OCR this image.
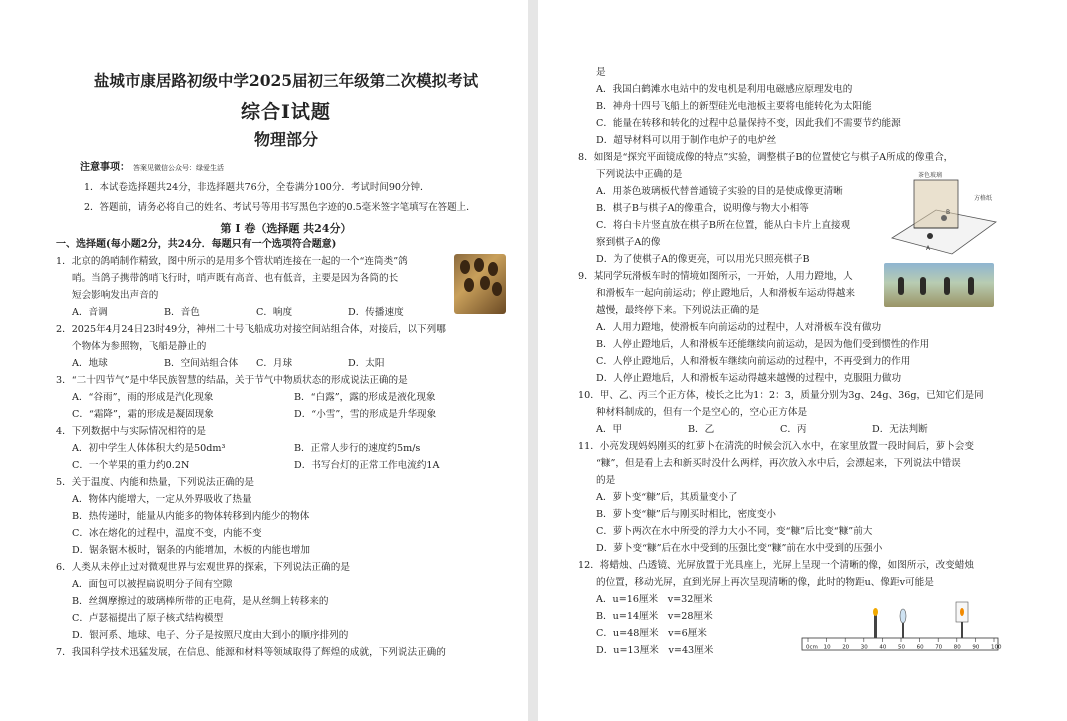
盐城市康居路初级中学2025届初三年级第二次模拟考试
综合Ⅰ试题
物理部分
注意事项： 答案见微信公众号：绿爱生活
1．本试卷选择题共24分，非选择题共76分，全卷满分100分．考试时间90分钟．
2．答题前，请务必将自己的姓名、考试号等用书写黑色字迹的0.5毫米签字笔填写在答题上．
第 Ⅰ 卷（选择题 共24分）
一、选择题(每小题2分，共24分．每题只有一个选项符合题意)
1．北京的鸽哨制作精致，图中所示的是用多个管状哨连接在一起的一个“连筒类”鸽
哨。当鸽子携带鸽哨飞行时，哨声既有高音、也有低音，主要是因为各筒的长
短会影响发出声音的
A．音调	B．音色	C．响度	D．传播速度
2．2025年4月24日23时49分，神州二十号飞船成功对接空间站组合体，对接后，以下列哪
个物体为参照物，飞船是静止的
A．地球	B．空间站组合体	C．月球	D．太阳
3．“二十四节气”是中华民族智慧的结晶，关于节气中物质状态的形成说法正确的是
A．“谷雨”，雨的形成是汽化现象	B．“白露”，露的形成是液化现象
C．“霜降”，霜的形成是凝固现象	D．“小雪”，雪的形成是升华现象
4．下列数据中与实际情况相符的是
A．初中学生人体体积大约是50dm³	B．正常人步行的速度约5m/s
C．一个苹果的重力约0.2N	D．书写台灯的正常工作电流约1A
5．关于温度、内能和热量，下列说法正确的是
A．物体内能增大，一定从外界吸收了热量
B．热传递时，能量从内能多的物体转移到内能少的物体
C．冰在熔化的过程中，温度不变，内能不变
D．锯条锯木板时，锯条的内能增加，木板的内能也增加
6．人类从未停止过对微观世界与宏观世界的探索，下列说法正确的是
A．面包可以被捏扁说明分子间有空隙
B．丝绸摩擦过的玻璃棒所带的正电荷，是从丝绸上转移来的
C．卢瑟福提出了原子核式结构模型
D．银河系、地球、电子、分子是按照尺度由大到小的顺序排列的
7．我国科学技术迅猛发展，在信息、能源和材料等领域取得了辉煌的成就，下列说法正确的
是
A．我国白鹤滩水电站中的发电机是利用电磁感应原理发电的
B．神舟十四号飞船上的新型硅光电池板主要将电能转化为太阳能
C．能量在转移和转化的过程中总量保持不变，因此我们不需要节约能源
D．超导材料可以用于制作电炉子的电炉丝
8．如图是“探究平面镜成像的特点”实验，调整棋子B的位置使它与棋子A所成的像重合，
下列说法中正确的是
A．用茶色玻璃板代替普通镜子实验的目的是使成像更清晰
B．棋子B与棋子A的像重合，说明像与物大小相等
C．将白卡片竖直放在棋子B所在位置，能从白卡片上直接观
察到棋子A的像
D．为了使棋子A的像更亮，可以用光只照亮棋子B
9．某同学玩滑板车时的情境如图所示，一开始，人用力蹬地，人
和滑板车一起向前运动；停止蹬地后，人和滑板车运动得越来
越慢，最终停下来。下列说法正确的是
A．人用力蹬地，使滑板车向前运动的过程中，人对滑板车没有做功
B．人停止蹬地后，人和滑板车还能继续向前运动，是因为他们受到惯性的作用
C．人停止蹬地后，人和滑板车继续向前运动的过程中，不再受到力的作用
D．人停止蹬地后，人和滑板车运动得越来越慢的过程中，克服阻力做功
10．甲、乙、丙三个正方体，棱长之比为1：2：3，质量分别为3g、24g、36g，已知它们是同
种材料制成的，但有一个是空心的，空心正方体是
A．甲	B．乙	C．丙	D．无法判断
11．小亮发现妈妈刚买的红萝卜在清洗的时候会沉入水中，在家里放置一段时间后，萝卜会变
“糠”，但是看上去和新买时没什么两样，再次放入水中后，会漂起来，下列说法中错误
的是
A．萝卜变“糠”后，其质量变小了
B．萝卜变“糠”后与刚买时相比，密度变小
C．萝卜两次在水中所受的浮力大小不同，变“糠”后比变“糠”前大
D．萝卜变“糠”后在水中受到的压强比变“糠”前在水中受到的压强小
12．将蜡烛、凸透镜、光屏放置于光具座上，光屏上呈现一个清晰的像，如图所示，改变蜡烛
的位置，移动光屏，直到光屏上再次呈现清晰的像，此时的物距u、像距v可能是
A．u=16厘米　v=32厘米
B．u=14厘米　v=28厘米
C．u=48厘米　v=6厘米
D．u=13厘米　v=43厘米
茶色玻璃
方格纸
A
B
0cm 10 20 30 40 50 60 70 80 90 100
